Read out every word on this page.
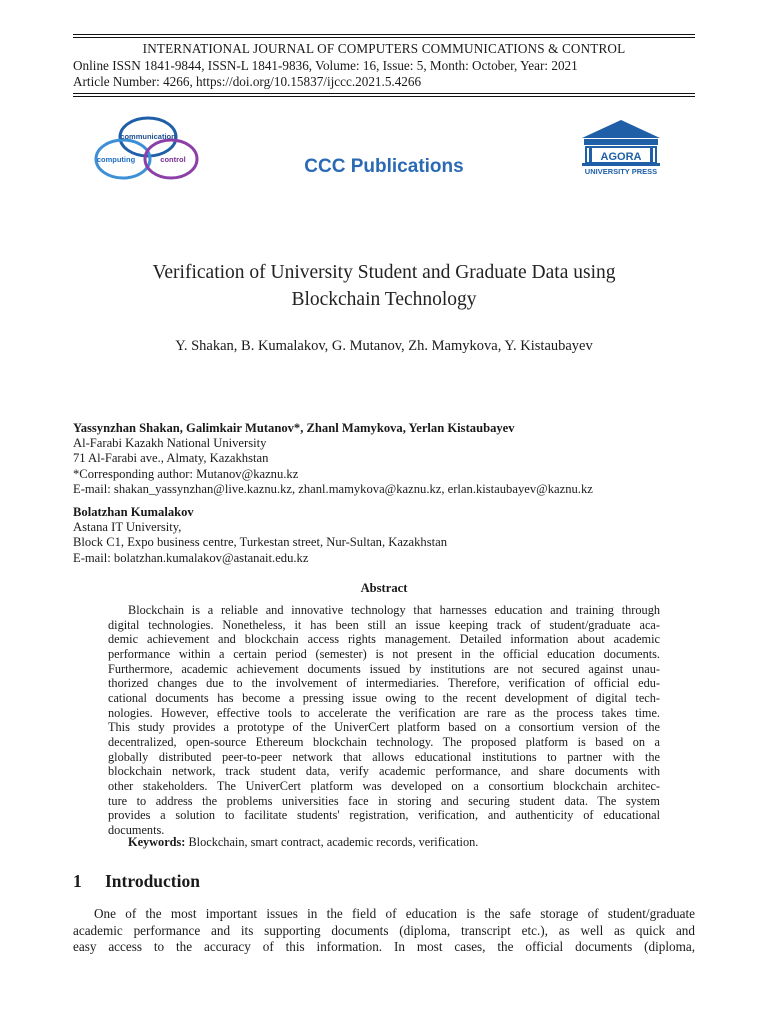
INTERNATIONAL JOURNAL OF COMPUTERS COMMUNICATIONS & CONTROL
Online ISSN 1841-9844, ISSN-L 1841-9836, Volume: 16, Issue: 5, Month: October, Year: 2021
Article Number: 4266, https://doi.org/10.15837/ijccc.2021.5.4266
communication
computing	control	CCC Publications	AGORA
UNIVERSITY PRESS
Verification of University Student and Graduate Data using
Blockchain Technology
Y. Shakan, B. Kumalakov, G. Mutanov, Zh. Mamykova, Y. Kistaubayev
Yassynzhan Shakan, Galimkair Mutanov*, Zhanl Mamykova, Yerlan Kistaubayev
Al-Farabi Kazakh National University
71 Al-Farabi ave., Almaty, Kazakhstan
*Corresponding author: Mutanov@kaznu.kz
E-mail: shakan_yassynzhan@live.kaznu.kz, zhanl.mamykova@kaznu.kz, erlan.kistaubayev@kaznu.kz
Bolatzhan Kumalakov
Astana IT University,
Block C1, Expo business centre, Turkestan street, Nur-Sultan, Kazakhstan
E-mail: bolatzhan.kumalakov@astanait.edu.kz
Abstract
Blockchain is a reliable and innovative technology that harnesses education and training through
digital technologies. Nonetheless, it has been still an issue keeping track of student/graduate aca-
demic achievement and blockchain access rights management. Detailed information about academic
performance within a certain period (semester) is not present in the official education documents.
Furthermore, academic achievement documents issued by institutions are not secured against unau-
thorized changes due to the involvement of intermediaries. Therefore, verification of official edu-
cational documents has become a pressing issue owing to the recent development of digital tech-
nologies. However, effective tools to accelerate the verification are rare as the process takes time.
This study provides a prototype of the UniverCert platform based on a consortium version of the
decentralized, open-source Ethereum blockchain technology. The proposed platform is based on a
globally distributed peer-to-peer network that allows educational institutions to partner with the
blockchain network, track student data, verify academic performance, and share documents with
other stakeholders. The UniverCert platform was developed on a consortium blockchain architec-
ture to address the problems universities face in storing and securing student data. The system
provides a solution to facilitate students' registration, verification, and authenticity of educational
documents.
Keywords: Blockchain, smart contract, academic records, verification.
1 Introduction
One of the most important issues in the field of education is the safe storage of student/graduate
academic performance and its supporting documents (diploma, transcript etc.), as well as quick and
easy access to the accuracy of this information. In most cases, the official documents (diploma,
